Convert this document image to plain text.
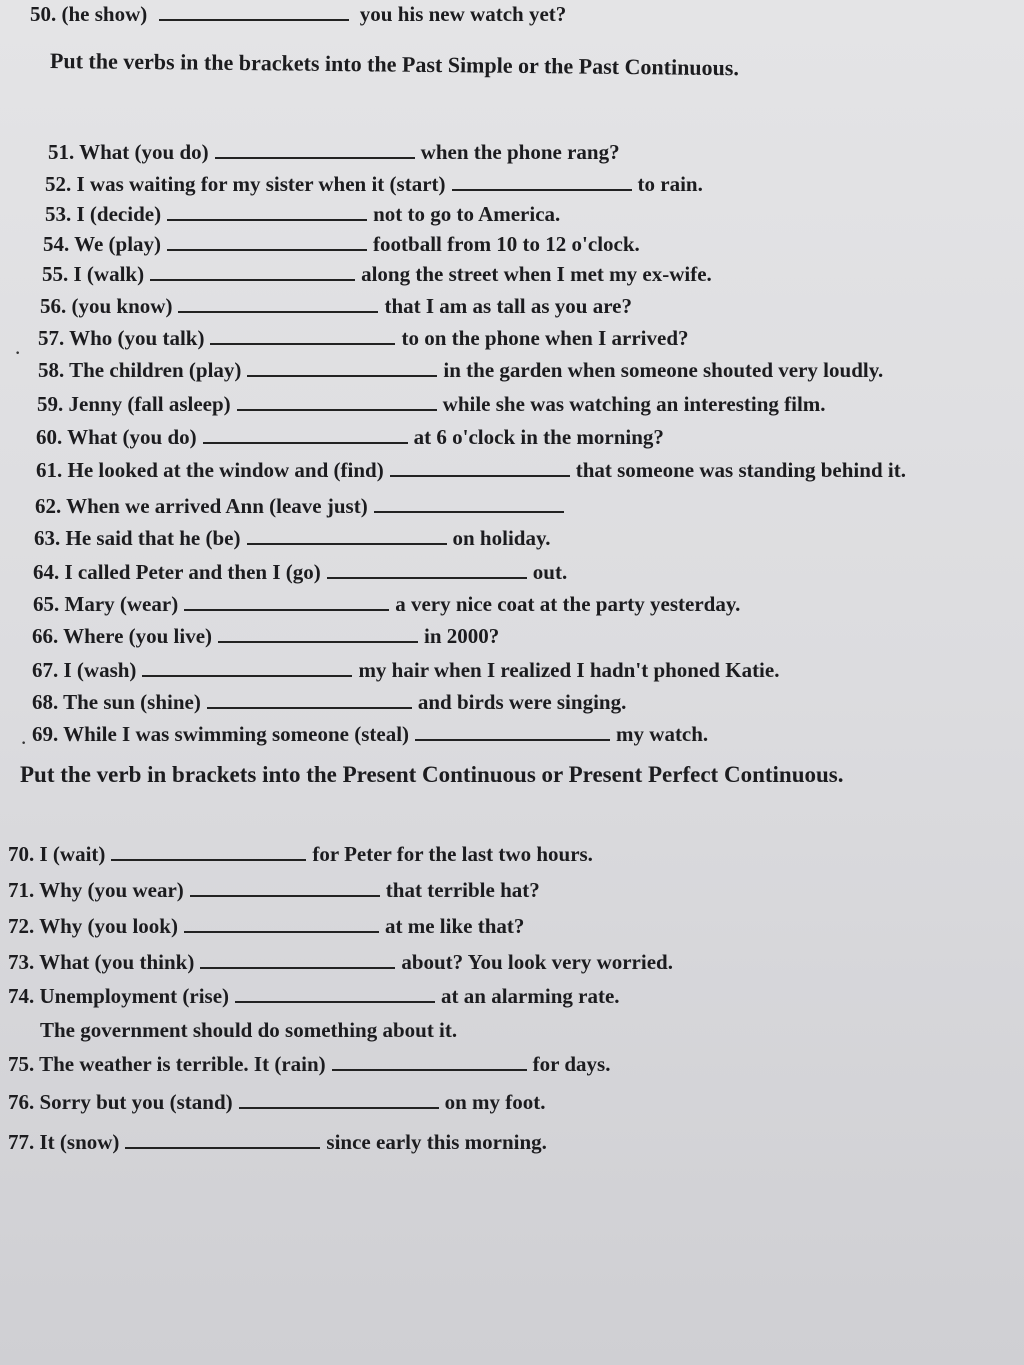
50. (he show)	you his new watch yet?
Put the verbs in the brackets into the Past Simple or the Past Continuous.
51. What (you do)	when the phone rang?
52. I was waiting for my sister when it (start)	to rain.
53. I (decide)	not to go to America.
54. We (play)	football from 10 to 12 o'clock.
55. I (walk)	along the street when I met my ex-wife.
56. (you know)	that I am as tall as you are?
57. Who (you talk)	to on the phone when I arrived?
58. The children (play)	in the garden when someone shouted very loudly.
59. Jenny (fall asleep)	while she was watching an interesting film.
60. What (you do)	at 6 o'clock in the morning?
61. He looked at the window and (find)	that someone was standing behind it.
62. When we arrived Ann (leave just)
63. He said that he (be)	on holiday.
64. I called Peter and then I (go)	out.
65. Mary (wear)	a very nice coat at the party yesterday.
66. Where (you live)	in 2000?
67. I (wash)	my hair when I realized I hadn't phoned Katie.
68. The sun (shine)	and birds were singing.
69. While I was swimming someone (steal)	my watch.
Put the verb in brackets into the Present Continuous or Present Perfect Continuous.
70. I (wait)	for Peter for the last two hours.
71. Why (you wear)	that terrible hat?
72. Why (you look)	at me like that?
73. What (you think)	about? You look very worried.
74. Unemployment (rise)	at an alarming rate.
The government should do something about it.
75. The weather is terrible. It (rain)	for days.
76. Sorry but you (stand)	on my foot.
77. It (snow)	since early this morning.
·
·
